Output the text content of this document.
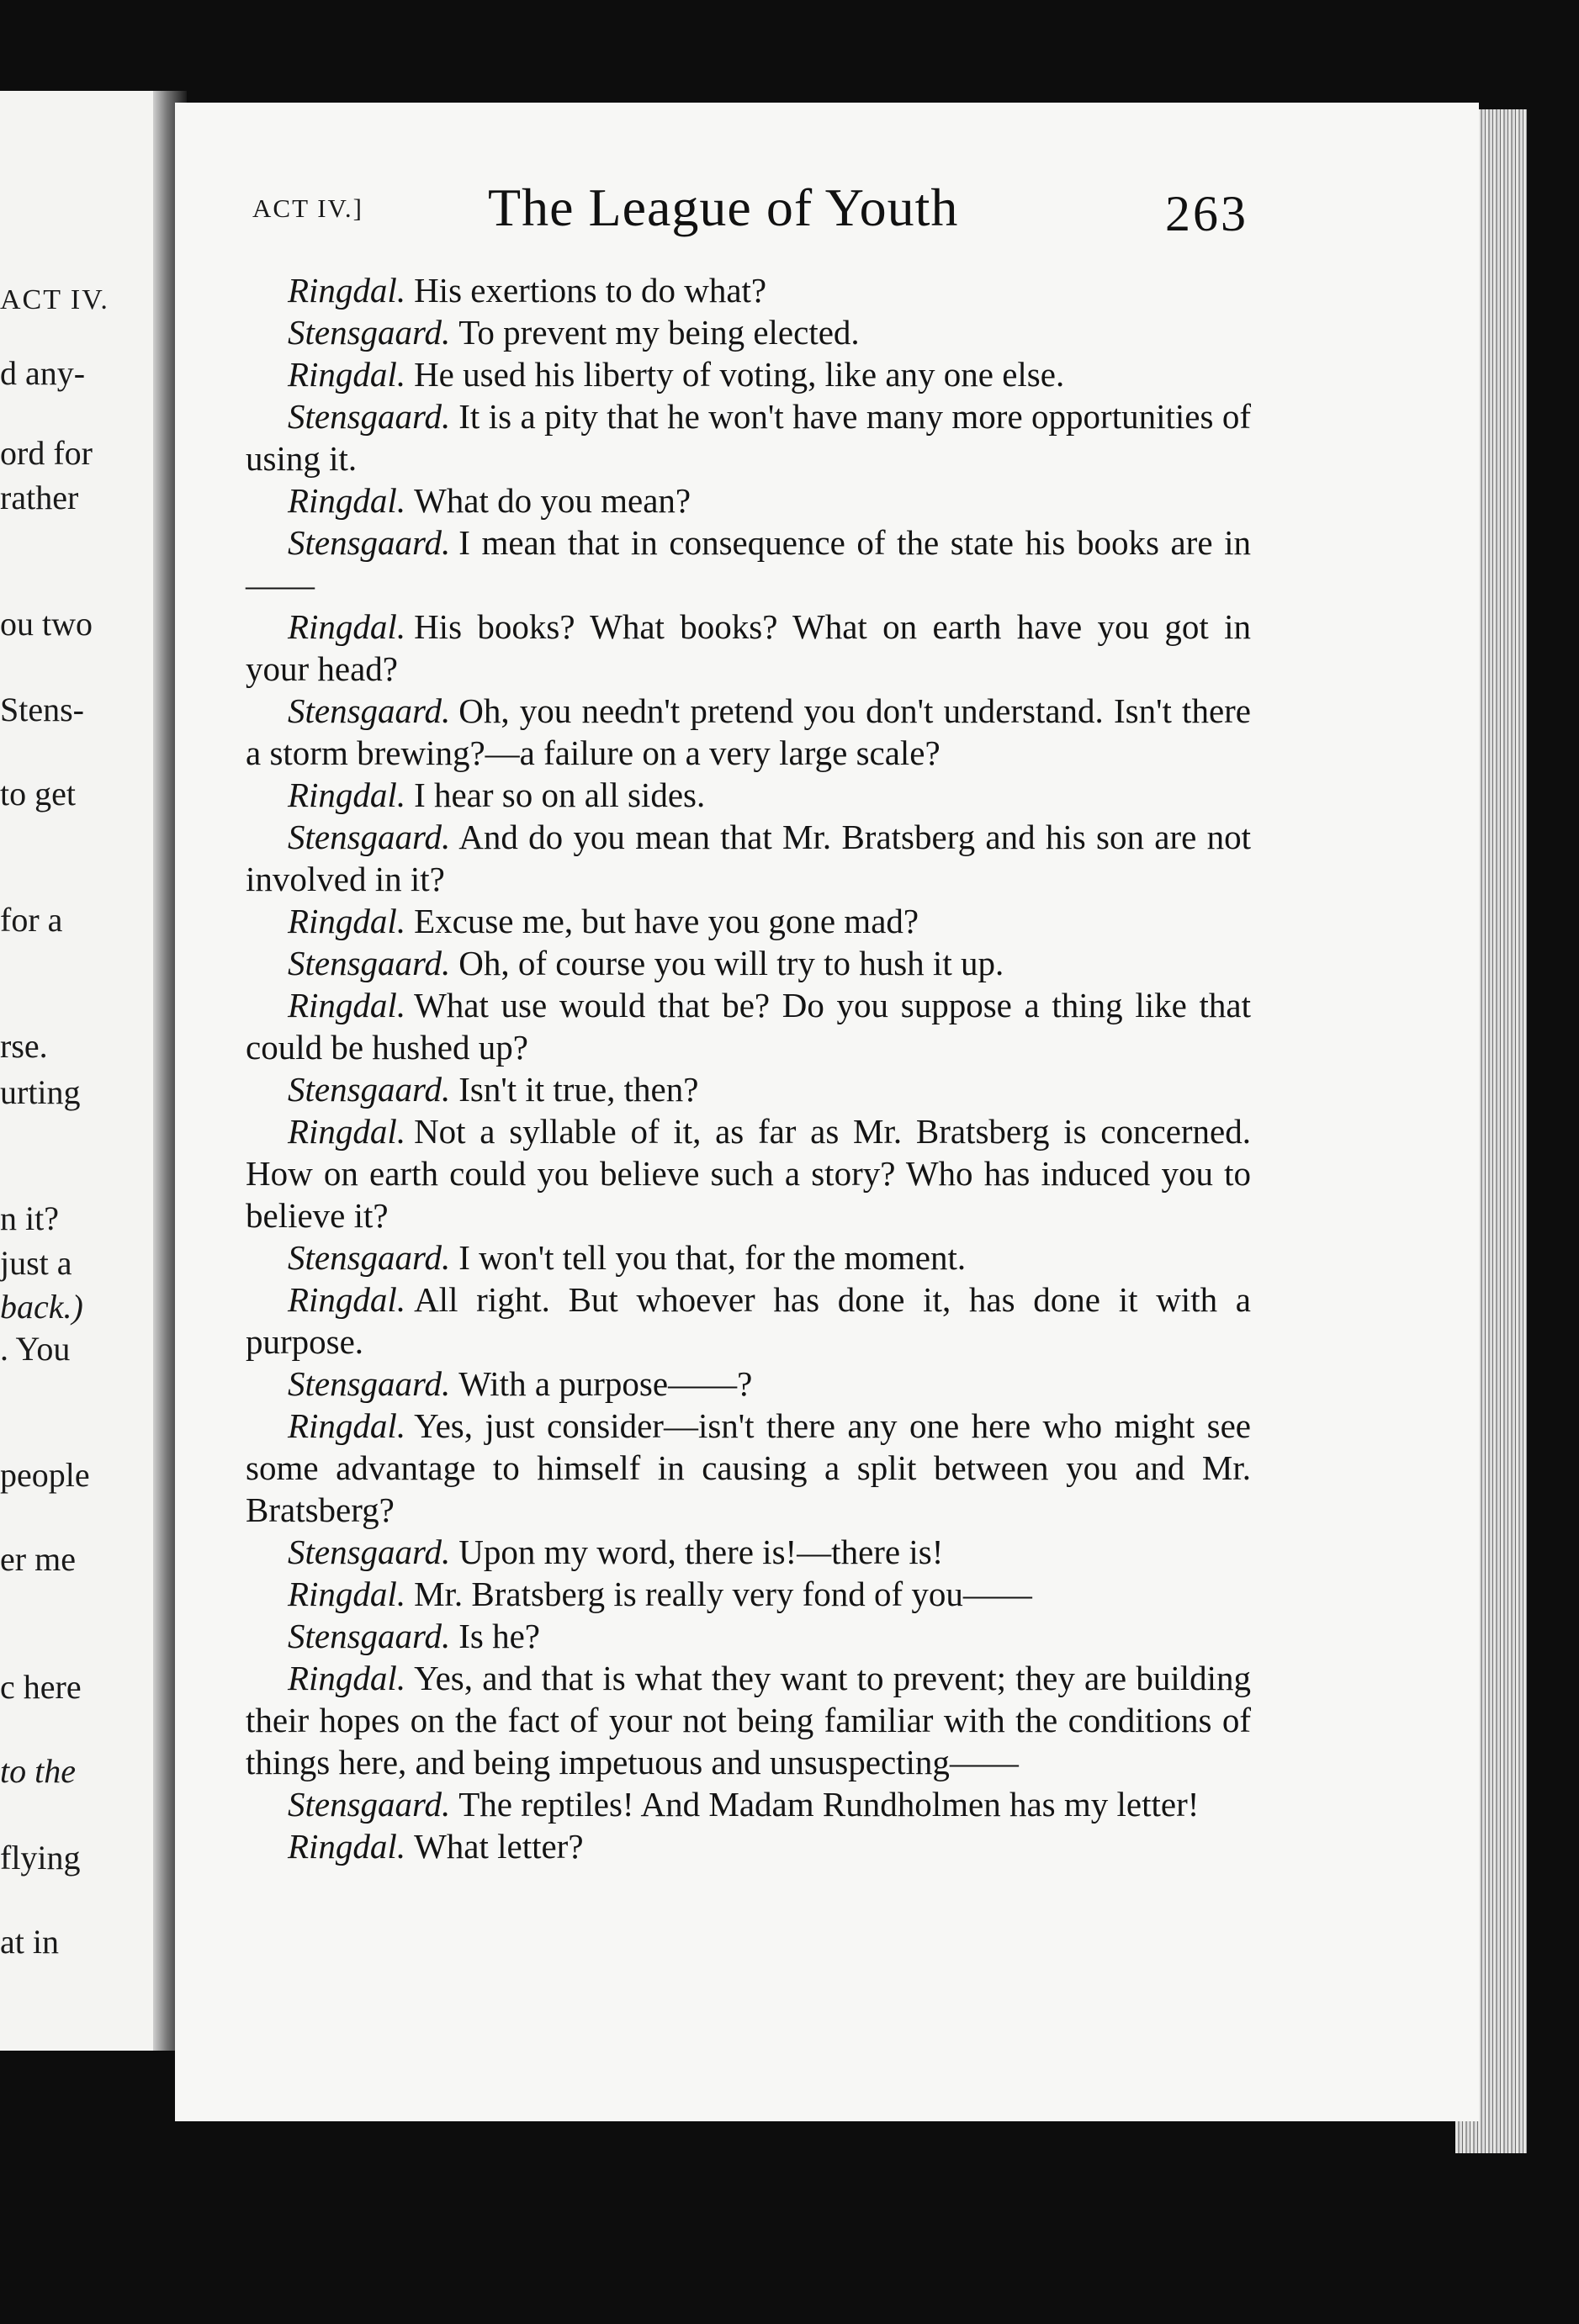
ACT IV.
d any-
ord for
rather
ou two
Stens-
to get
for a
rse.
urting
n it?
just a
back.)
. You
people
er me
c here
to the
flying
at in
ACT IV.] The League of Youth	263

Ringdal. His exertions to do what?

Stensgaard. To prevent my being elected.

Ringdal. He used his liberty of voting, like any one else.

Stensgaard. It is a pity that he won't have many more opportunities of using it.

Ringdal. What do you mean?

Stensgaard. I mean that in consequence of the state his books are in——

Ringdal. His books? What books? What on earth have you got in your head?

Stensgaard. Oh, you needn't pretend you don't understand. Isn't there a storm brewing?—a failure on a very large scale?

Ringdal. I hear so on all sides.

Stensgaard. And do you mean that Mr. Bratsberg and his son are not involved in it?

Ringdal. Excuse me, but have you gone mad?

Stensgaard. Oh, of course you will try to hush it up.

Ringdal. What use would that be? Do you suppose a thing like that could be hushed up?

Stensgaard. Isn't it true, then?

Ringdal. Not a syllable of it, as far as Mr. Bratsberg is concerned. How on earth could you believe such a story? Who has induced you to believe it?

Stensgaard. I won't tell you that, for the moment.

Ringdal. All right. But whoever has done it, has done it with a purpose.

Stensgaard. With a purpose——?

Ringdal. Yes, just consider—isn't there any one here who might see some advantage to himself in causing a split between you and Mr. Bratsberg?

Stensgaard. Upon my word, there is!—there is!

Ringdal. Mr. Bratsberg is really very fond of you——

Stensgaard. Is he?

Ringdal. Yes, and that is what they want to prevent; they are building their hopes on the fact of your not being familiar with the conditions of things here, and being impetuous and unsuspecting——

Stensgaard. The reptiles! And Madam Rundholmen has my letter!

Ringdal. What letter?
